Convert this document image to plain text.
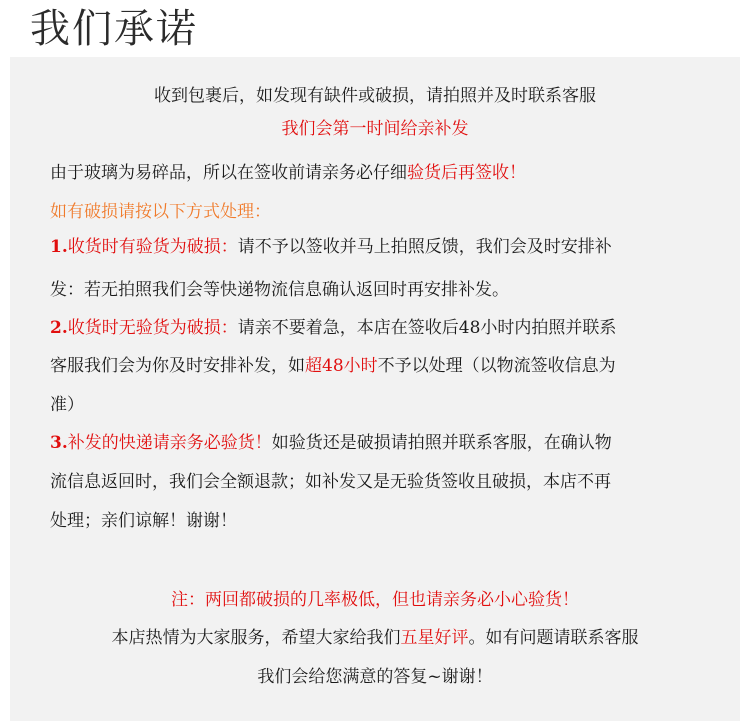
我们承诺
收到包裹后，如发现有缺件或破损，请拍照并及时联系客服
我们会第一时间给亲补发
由于玻璃为易碎品，所以在签收前请亲务必仔细验货后再签收！
如有破损请按以下方式处理：
1.收货时有验货为破损：请不予以签收并马上拍照反馈，我们会及时安排补
发：若无拍照我们会等快递物流信息确认返回时再安排补发。
2.收货时无验货为破损：请亲不要着急，本店在签收后48小时内拍照并联系
客服我们会为你及时安排补发，如超48小时不予以处理（以物流签收信息为
准）
3.补发的快递请亲务必验货！如验货还是破损请拍照并联系客服，在确认物
流信息返回时，我们会全额退款；如补发又是无验货签收且破损，本店不再
处理；亲们谅解！谢谢！
注：两回都破损的几率极低，但也请亲务必小心验货！
本店热情为大家服务，希望大家给我们五星好评。如有问题请联系客服
我们会给您满意的答复~谢谢！
